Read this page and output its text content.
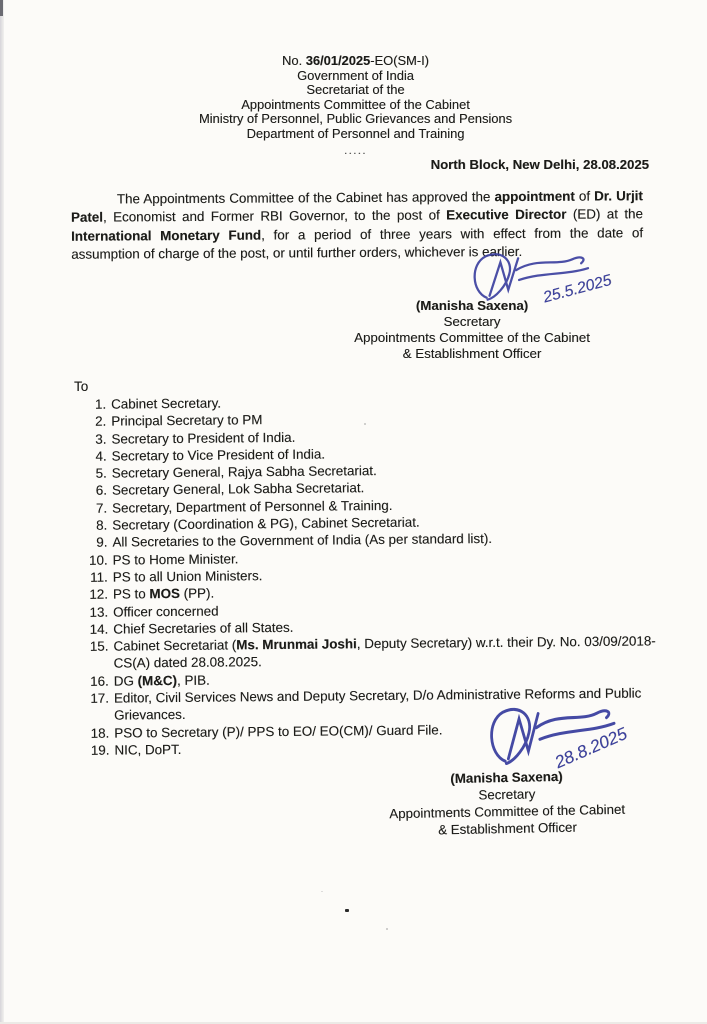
No. 36/01/2025-EO(SM-I)
Government of India
Secretariat of the
Appointments Committee of the Cabinet
Ministry of Personnel, Public Grievances and Pensions
Department of Personnel and Training
.....
North Block, New Delhi, 28.08.2025

The Appointments Committee of the Cabinet has approved the appointment of Dr. Urjit Patel, Economist and Former RBI Governor, to the post of Executive Director (ED) at the International Monetary Fund, for a period of three years with effect from the date of assumption of charge of the post, or until further orders, whichever is earlier.

25.5.2025
(Manisha Saxena)
Secretary
Appointments Committee of the Cabinet
& Establishment Officer
To
1. Cabinet Secretary.
2. Principal Secretary to PM
3. Secretary to President of India.
4. Secretary to Vice President of India.
5. Secretary General, Rajya Sabha Secretariat.
6. Secretary General, Lok Sabha Secretariat.
7. Secretary, Department of Personnel & Training.
8. Secretary (Coordination & PG), Cabinet Secretariat.
9. All Secretaries to the Government of India (As per standard list).
10. PS to Home Minister.
11. PS to all Union Ministers.
12. PS to MOS (PP).
13. Officer concerned
14. Chief Secretaries of all States.
15. Cabinet Secretariat (Ms. Mrunmai Joshi, Deputy Secretary) w.r.t. their Dy. No. 03/09/2018-CS(A) dated 28.08.2025.
16. DG (M&C), PIB.
17. Editor, Civil Services News and Deputy Secretary, D/o Administrative Reforms and Public Grievances.
18. PSO to Secretary (P)/ PPS to EO/ EO(CM)/ Guard File.
19. NIC, DoPT.	28.8.2025
(Manisha Saxena)
Secretary
Appointments Committee of the Cabinet
& Establishment Officer
